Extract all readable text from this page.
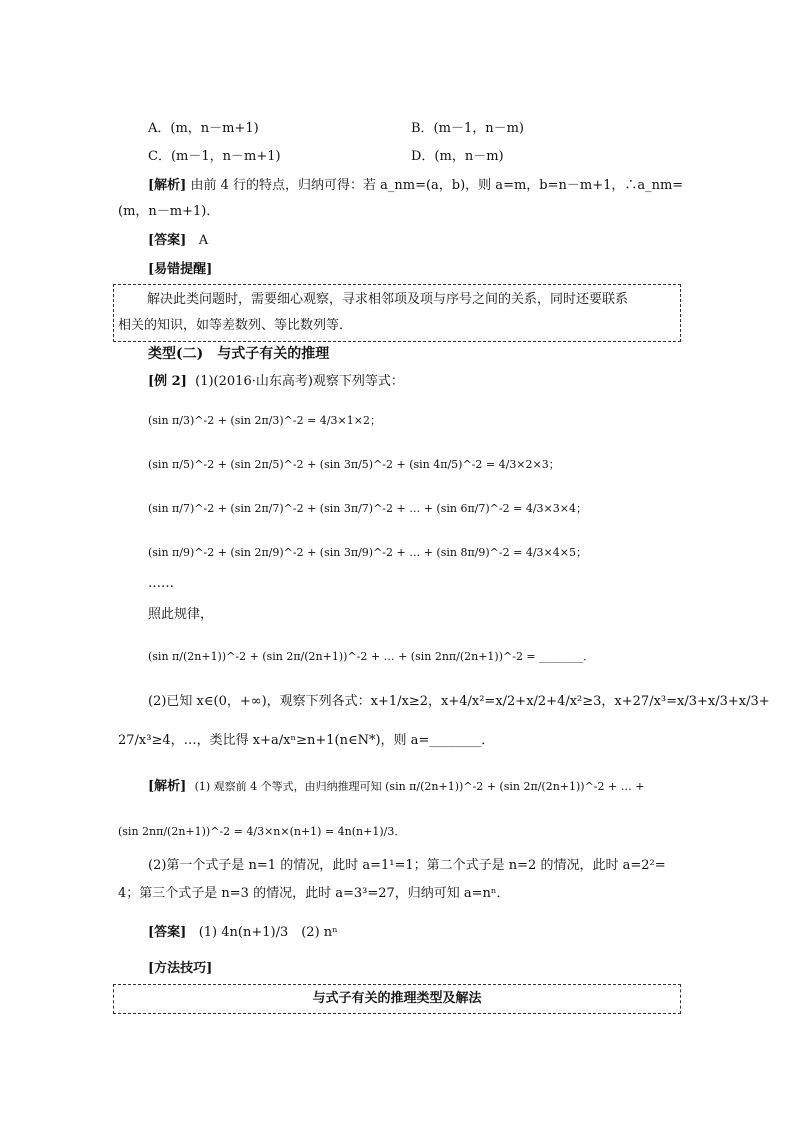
A．(m，n－m+1)	B．(m－1，n－m)
C．(m－1，n－m+1)	D．(m，n－m)
[解析] 由前 4 行的特点，归纳可得：若 a_nm=(a，b)，则 a=m，b=n－m+1，∴a_nm=
(m，n－m+1)．
[答案] A
[易错提醒]
解决此类问题时，需要细心观察，寻求相邻项及项与序号之间的关系，同时还要联系
相关的知识，如等差数列、等比数列等．
类型(二)　与式子有关的推理
[例 2] (1)(2016·山东高考)观察下列等式：
(sin π/3)^-2 + (sin 2π/3)^-2 = 4/3×1×2；
(sin π/5)^-2 + (sin 2π/5)^-2 + (sin 3π/5)^-2 + (sin 4π/5)^-2 = 4/3×2×3；
(sin π/7)^-2 + (sin 2π/7)^-2 + (sin 3π/7)^-2 + … + (sin 6π/7)^-2 = 4/3×3×4；
(sin π/9)^-2 + (sin 2π/9)^-2 + (sin 3π/9)^-2 + … + (sin 8π/9)^-2 = 4/3×4×5；
……
照此规律，
(sin π/(2n+1))^-2 + (sin 2π/(2n+1))^-2 + … + (sin 2nπ/(2n+1))^-2 = ________．
(2)已知 x∈(0，+∞)，观察下列各式：x+1/x≥2，x+4/x²=x/2+x/2+4/x²≥3，x+27/x³=x/3+x/3+x/3+
27/x³≥4，…，类比得 x+a/xⁿ≥n+1(n∈N*)，则 a=________．
[解析] (1) 观察前 4 个等式，由归纳推理可知 (sin π/(2n+1))^-2 + (sin 2π/(2n+1))^-2 + … +
(sin 2nπ/(2n+1))^-2 = 4/3×n×(n+1) = 4n(n+1)/3．
(2)第一个式子是 n=1 的情况，此时 a=1¹=1；第二个式子是 n=2 的情况，此时 a=2²=
4；第三个式子是 n=3 的情况，此时 a=3³=27，归纳可知 a=nⁿ．
[答案] (1) 4n(n+1)/3　(2) nⁿ
[方法技巧]
与式子有关的推理类型及解法
